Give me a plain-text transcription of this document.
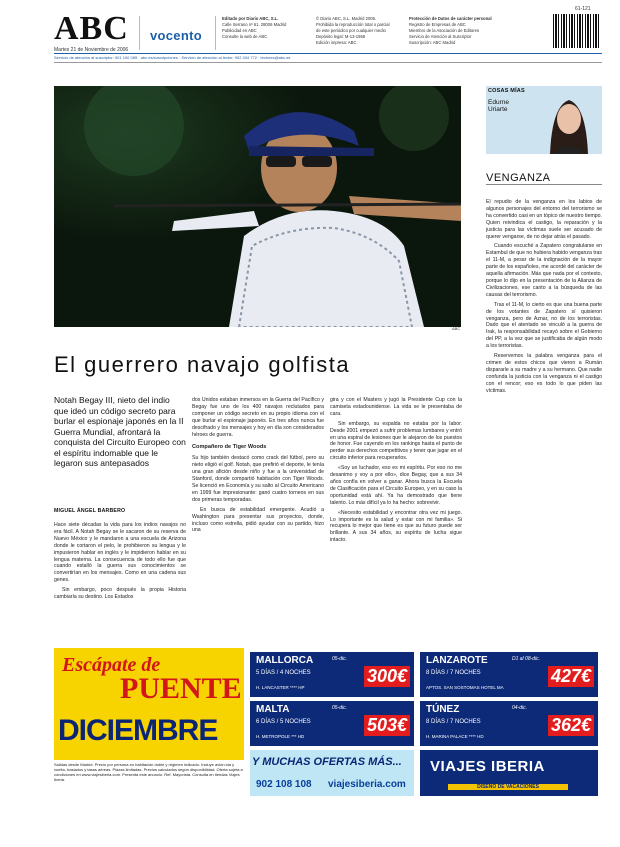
ABC
Martes 21 de Noviembre de 2006
vocento
Editado por Diario ABC, S.L.
Calle Serrano nº 61. 28006 Madrid
Publicidad en ABC
Consulte la web de ABC
© Diario ABC, S.L. Madrid 2006.
Prohibida la reproducción total o parcial
de este periódico por cualquier medio
Depósito legal: M-13-1958
Edición impresa: ABC
Protección de Datos de carácter personal
Registro de Empresas de ABC
Miembro de la Asociación de Editores
Servicio de Atención al Suscriptor
Suscripción: ABC Madrid
61-121
Servicio de atención al suscriptor: 901 100 085 · abc.es/suscripciones · Servicio de atención al lector: 902 334 772 · lectores@abc.es
ABC
COSAS MÍAS
Edurne
Uriarte
VENGANZA

El repudio de la venganza en los labios de algunos personajes del entorno del terrorismo se ha convertido casi en un tópico de nuestro tiempo. Quien reivindica el castigo, la reparación y la justicia para las víctimas suele ser acusado de querer vengarse, de no dejar atrás el pasado.

Cuando escuché a Zapatero congratularse en Estambul de que no hubiera habido venganza tras el 11-M, a pesar de la indignación de la mayor parte de los españoles, me acordé del carácter de aquella afirmación. Más que nada por el contexto, porque lo dijo en la presentación de la Alianza de Civilizaciones, ese canto a la búsqueda de las causas del terrorismo.

Tras el 11-M, lo cierto es que una buena parte de los votantes de Zapatero sí quisieron venganza, pero de Aznar, no de los terroristas. Dado que el atentado se vinculó a la guerra de Irak, la responsabilidad recayó sobre el Gobierno del PP, a la vez que se justificaba de algún modo a los terroristas.

Reservemos la palabra venganza para el crimen de estos chicos que vieron a Rumán dispararle a su madre y a su hermano. Que nadie confunda la justicia con la venganza ni el castigo con el rencor; eso es todo lo que piden las víctimas.

El guerrero navajo golfista
Notah Begay III, nieto del indio que ideó un código secreto para burlar el espionaje japonés en la II Guerra Mundial, afrontará la conquista del Circuito Europeo con el espíritu indomable que le legaron sus antepasados
MIGUEL ÁNGEL BARBERO

Hace siete décadas la vida para los indios navajos no era fácil. A Notah Begay se le sacaron de su reserva de Nuevo México y le mandaron a una escuela de Arizona donde le cortaron el pelo, le prohibieron su lengua y le impusieron hablar en inglés y le impidieron hablar en su lengua materna. La consecuencia de todo ello fue que cuando estalló la guerra sus conocimientos se convertirían en los mensajes. Como en una cadena sus genes.

Sin embargo, poco después la propia Historia cambiaría su destino. Los Estados

dos Unidos estaban inmersos en la Guerra del Pacífico y Begay fue uno de los 400 navajos reclutados para componer un código secreto en su propio idioma con el que burlar el espionaje japonés. En tres años nunca fue descifrado y los mensajes y hoy en día son considerados héroes de guerra.

Compañero de Tiger Woods

Su hijo también destacó como crack del fútbol, pero su nieto eligió el golf. Notah, que prefirió el deporte, le tenía una gran afición desde niño y fue a la universidad de Stanford, donde compartió habitación con Tiger Woods. Se licenció en Economía y su salto al Circuito Americano en 1999 fue impresionante: ganó cuatro torneos en sus dos primeras temporadas.

En busca de estabilidad emergente. Acudió a Washington para presentar sus proyectos, donde, incluso como estrella, pidió ayudar con su partido, hizo una

gira y con el Masters y jugó la Presidente Cup con la camiseta estadounidense. La vida se le presentaba de cara.

Sin embargo, su espalda no estaba por la labor. Desde 2001 empezó a sufrir problemas lumbares y entró en una espiral de lesiones que le alejaron de los puestos de honor. Fue cayendo en los rankings hasta el punto de perder sus derechos competitivos y tener que jugar en el circuito inferior para recuperarlos.

«Soy un luchador, eso es mi espíritu. Por eso no me desanimo y voy a por ello», dice Begay, que a sus 34 años confía en volver a ganar. Ahora busca la Escuela de Clasificación para el Circuito Europeo, y en su caso la oportunidad está ahí. Ya ha demostrado que tiene talento. Lo más difícil ya lo ha hecho: sobrevivir.

«Necesito estabilidad y encontrar otra vez mi juego. Lo importante es la salud y estar con mi familia». Si recupera lo mejor que tiene es que su futuro puede ser brillante. A sus 34 años, su espíritu de lucha sigue intacto.

Escápate de
PUENTE
DICIEMBRE
Salidas desde Madrid. Precio por persona en habitación doble y régimen indicado. Incluye avión ida y vuelta, traslados y tasas aéreas. Plazas limitadas. Precios calculados según disponibilidad. Oferta sujeta a condiciones en www.viajesiberia.com. Presenta este anuncio. Ref. Mayorista. Consulta en tiendas Viajes Iberia.
MALLORCA	05-dic.
5 DÍAS / 4 NOCHES
H. LANCASTER **** HP
300€
LANZAROTE	D1 al 08-dic.
8 DÍAS / 7 NOCHES
APTOS. SAN SOSTOMAS HOTEL MA
427€
MALTA	05-dic.
6 DÍAS / 5 NOCHES
H. METROPOLE *** HD
503€
TÚNEZ	04-dic.
8 DÍAS / 7 NOCHES
H. MARINA PALACE **** HD
362€
Y MUCHAS OFERTAS MÁS...
902 108 108 viajesiberia.com
VIAJES IBERIA
DISEÑO DE VACACIONES
